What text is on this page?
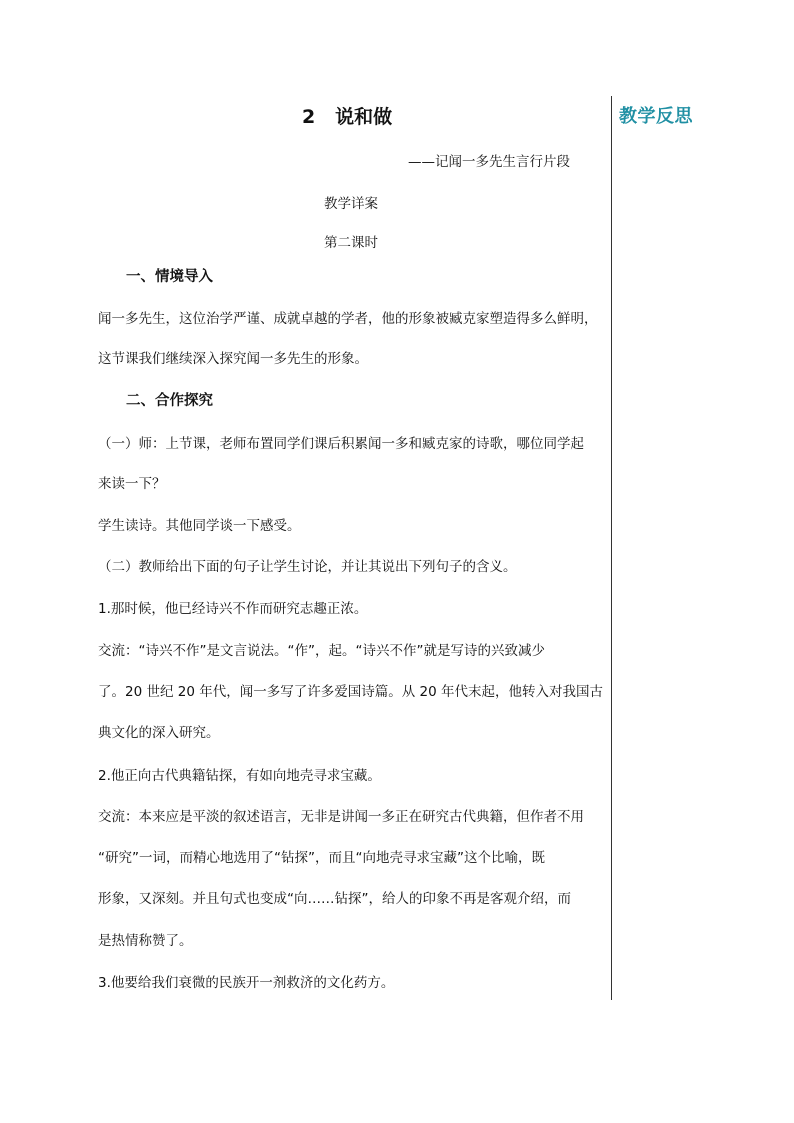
教学反思
2   说和做
——记闻一多先生言行片段
教学详案
第二课时
一、情境导入
闻一多先生，这位治学严谨、成就卓越的学者，他的形象被臧克家塑造得多么鲜明，
这节课我们继续深入探究闻一多先生的形象。
二、合作探究
（一）师：上节课，老师布置同学们课后积累闻一多和臧克家的诗歌，哪位同学起
来读一下？
学生读诗。其他同学谈一下感受。
（二）教师给出下面的句子让学生讨论，并让其说出下列句子的含义。
1.那时候，他已经诗兴不作而研究志趣正浓。
交流：“诗兴不作”是文言说法。“作”，起。“诗兴不作”就是写诗的兴致减少
了。20 世纪 20 年代，闻一多写了许多爱国诗篇。从 20 年代末起，他转入对我国古
典文化的深入研究。
2.他正向古代典籍钻探，有如向地壳寻求宝藏。
交流：本来应是平淡的叙述语言，无非是讲闻一多正在研究古代典籍，但作者不用
“研究”一词，而精心地选用了“钻探”，而且“向地壳寻求宝藏”这个比喻，既
形象，又深刻。并且句式也变成“向……钻探”，给人的印象不再是客观介绍，而
是热情称赞了。
3.他要给我们衰微的民族开一剂救济的文化药方。
